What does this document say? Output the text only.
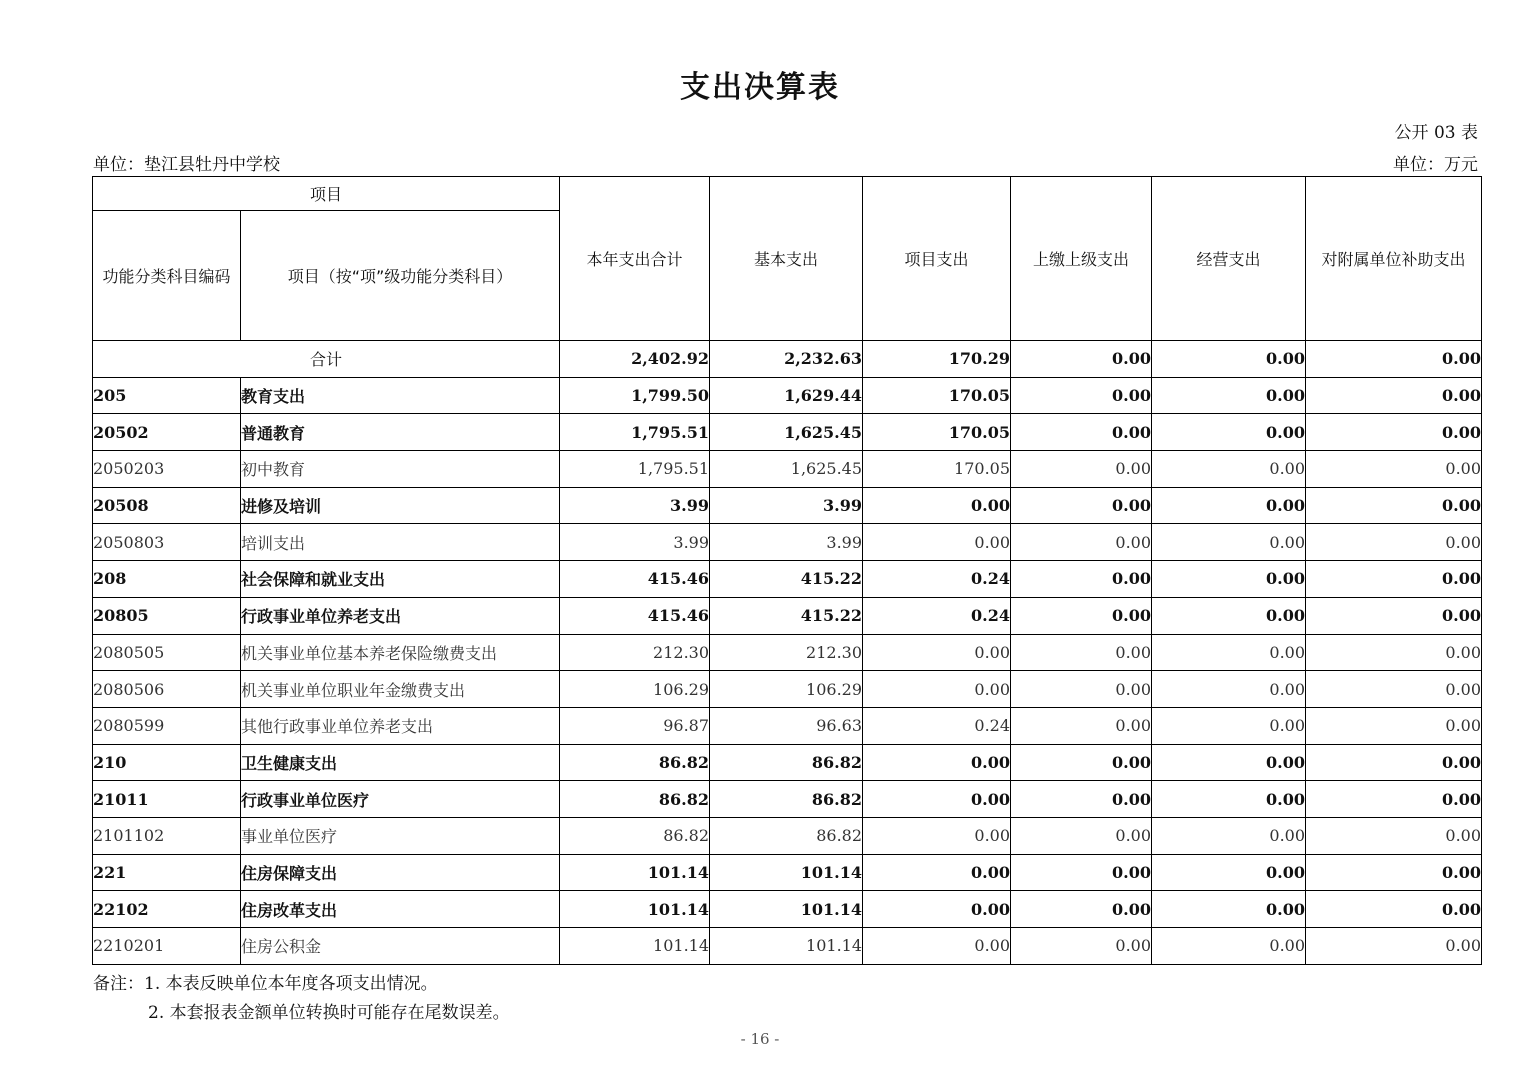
支出决算表
公开 03 表
单位：垫江县牡丹中学校	单位：万元
项目		本年支出合计	基本支出	项目支出	上缴上级支出	经营支出	对附属单位补助支出
功能分类科目编码	项目（按“项”级功能分类科目）						
合计		2,402.92	2,232.63	170.29	0.00	0.00	0.00
205	教育支出	1,799.50	1,629.44	170.05	0.00	0.00	0.00
20502	普通教育	1,795.51	1,625.45	170.05	0.00	0.00	0.00
2050203	初中教育	1,795.51	1,625.45	170.05	0.00	0.00	0.00
20508	进修及培训	3.99	3.99	0.00	0.00	0.00	0.00
2050803	培训支出	3.99	3.99	0.00	0.00	0.00	0.00
208	社会保障和就业支出	415.46	415.22	0.24	0.00	0.00	0.00
20805	行政事业单位养老支出	415.46	415.22	0.24	0.00	0.00	0.00
2080505	机关事业单位基本养老保险缴费支出	212.30	212.30	0.00	0.00	0.00	0.00
2080506	机关事业单位职业年金缴费支出	106.29	106.29	0.00	0.00	0.00	0.00
2080599	其他行政事业单位养老支出	96.87	96.63	0.24	0.00	0.00	0.00
210	卫生健康支出	86.82	86.82	0.00	0.00	0.00	0.00
21011	行政事业单位医疗	86.82	86.82	0.00	0.00	0.00	0.00
2101102	事业单位医疗	86.82	86.82	0.00	0.00	0.00	0.00
221	住房保障支出	101.14	101.14	0.00	0.00	0.00	0.00
22102	住房改革支出	101.14	101.14	0.00	0.00	0.00	0.00
2210201	住房公积金	101.14	101.14	0.00	0.00	0.00	0.00
备注：1. 本表反映单位本年度各项支出情况。
2. 本套报表金额单位转换时可能存在尾数误差。
- 16 -
